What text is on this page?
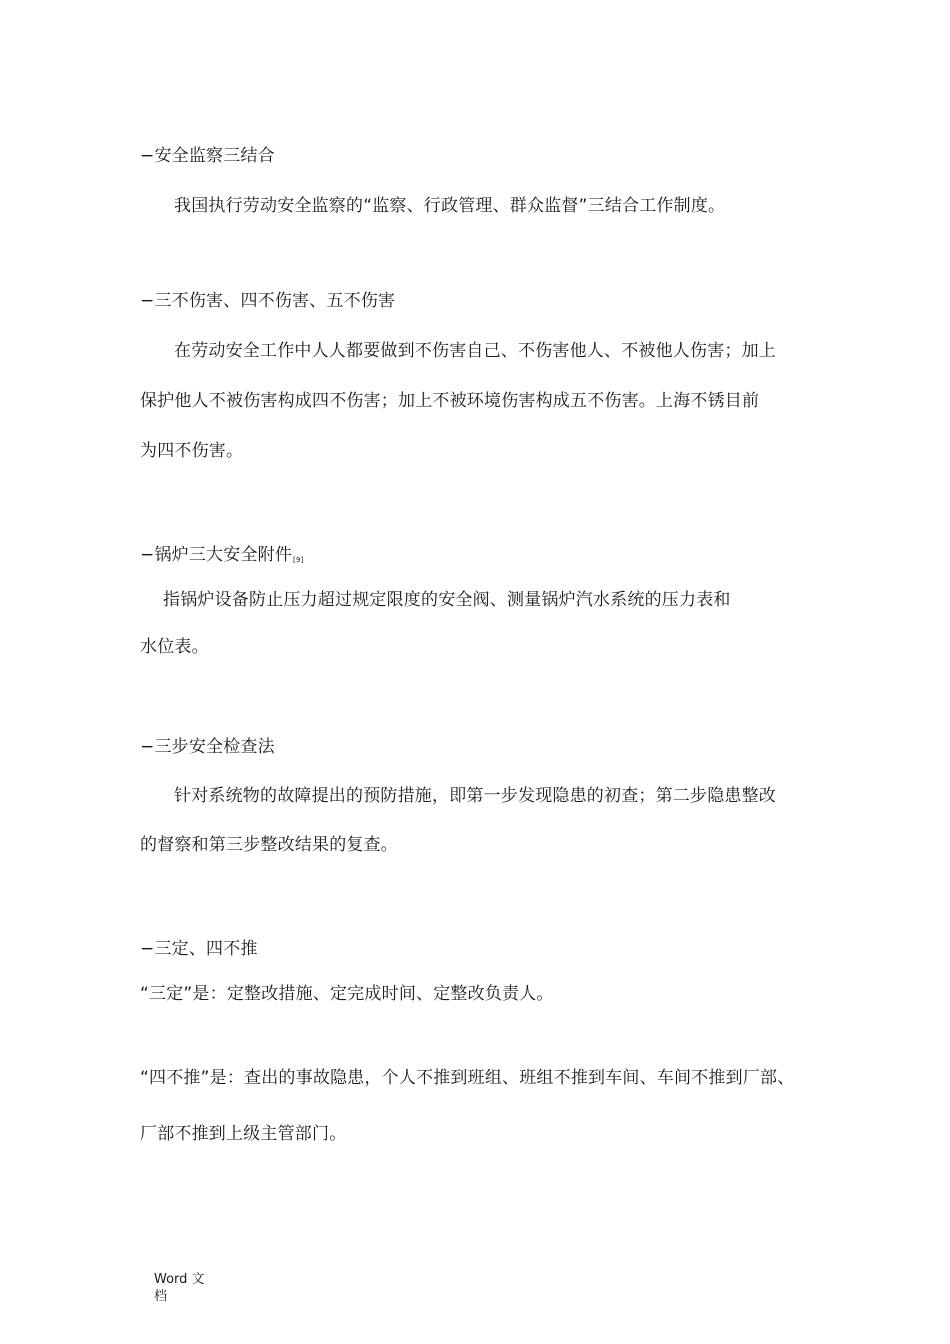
−安全监察三结合
我国执行劳动安全监察的“监察、行政管理、群众监督”三结合工作制度。
−三不伤害、四不伤害、五不伤害
在劳动安全工作中人人都要做到不伤害自己、不伤害他人、不被他人伤害；加上
保护他人不被伤害构成四不伤害；加上不被环境伤害构成五不伤害。上海不锈目前
为四不伤害。
−锅炉三大安全附件[9]
指锅炉设备防止压力超过规定限度的安全阀、测量锅炉汽水系统的压力表和
水位表。
−三步安全检查法
针对系统物的故障提出的预防措施，即第一步发现隐患的初查；第二步隐患整改
的督察和第三步整改结果的复查。
−三定、四不推
“三定”是：定整改措施、定完成时间、定整改负责人。
“四不推”是：查出的事故隐患，个人不推到班组、班组不推到车间、车间不推到厂部、
厂部不推到上级主管部门。
Word 文
档
